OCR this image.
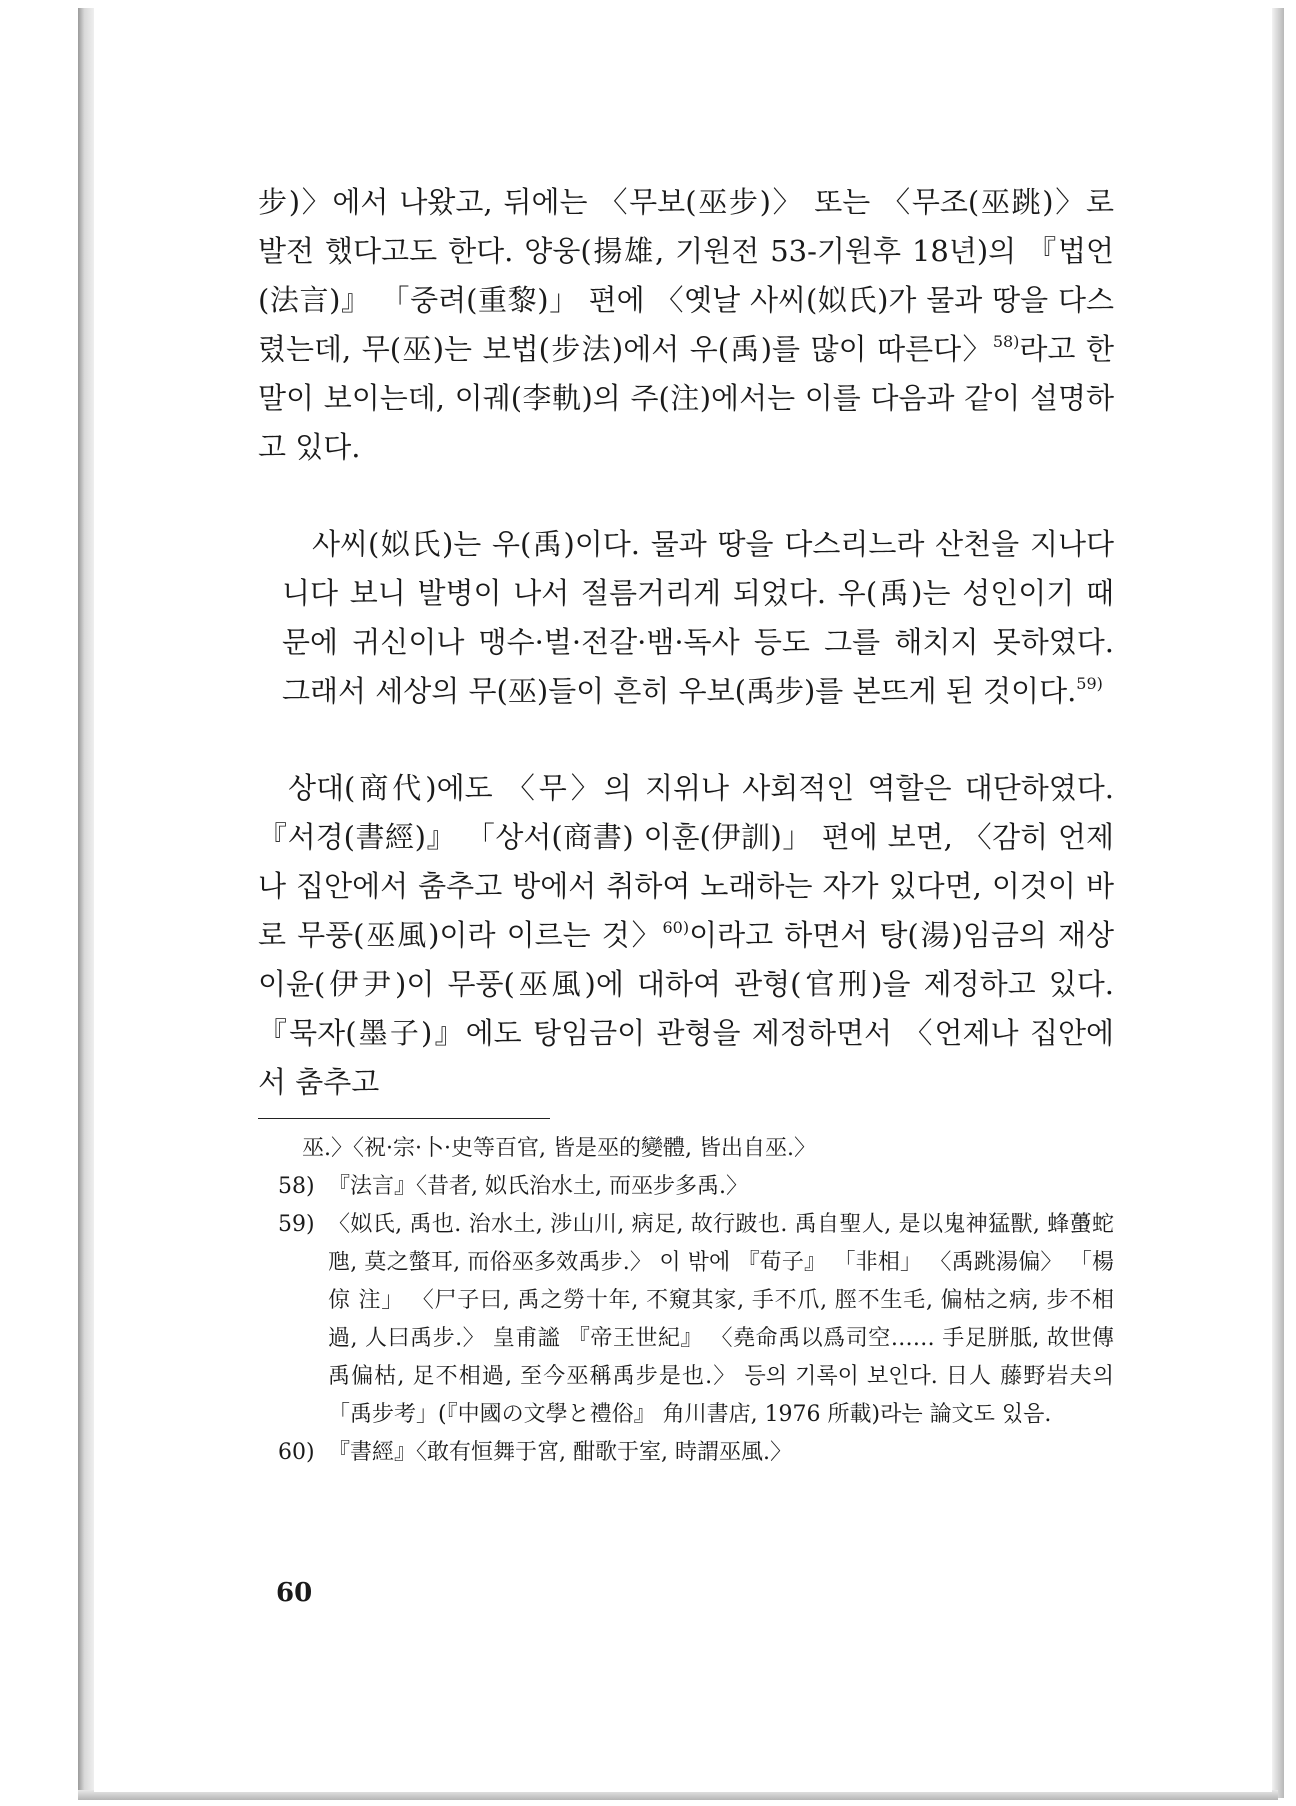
步)〉에서 나왔고, 뒤에는 〈무보(巫步)〉 또는 〈무조(巫跳)〉로 발전 했다고도 한다. 양웅(揚雄, 기원전 53-기원후 18년)의 『법언(法言)』 「중려(重黎)」 편에 〈옛날 사씨(姒氏)가 물과 땅을 다스렸는데, 무(巫)는 보법(步法)에서 우(禹)를 많이 따른다〉$^{58)}$라고 한 말이 보이는데, 이궤(李軌)의 주(注)에서는 이를 다음과 같이 설명하고 있다.
사씨(姒氏)는 우(禹)이다. 물과 땅을 다스리느라 산천을 지나다니다 보니 발병이 나서 절름거리게 되었다. 우(禹)는 성인이기 때문에 귀신이나 맹수·벌·전갈·뱀·독사 등도 그를 해치지 못하였다. 그래서 세상의 무(巫)들이 흔히 우보(禹步)를 본뜨게 된 것이다.$^{59)}$
상대(商代)에도 〈무〉의 지위나 사회적인 역할은 대단하였다. 『서경(書經)』 「상서(商書) 이훈(伊訓)」 편에 보면, 〈감히 언제나 집안에서 춤추고 방에서 취하여 노래하는 자가 있다면, 이것이 바로 무풍(巫風)이라 이르는 것〉$^{60)}$이라고 하면서 탕(湯)임금의 재상 이윤(伊尹)이 무풍(巫風)에 대하여 관형(官刑)을 제정하고 있다. 『묵자(墨子)』에도 탕임금이 관형을 제정하면서 〈언제나 집안에서 춤추고
巫.〉〈祝·宗·卜·史等百官, 皆是巫的變體, 皆出自巫.〉
58) 『法言』〈昔者, 姒氏治水土, 而巫步多禹.〉
59) 〈姒氏, 禹也. 治水土, 涉山川, 病足, 故行跛也. 禹自聖人, 是以鬼神猛獸, 蜂蠆蛇虺, 莫之螫耳, 而俗巫多效禹步.〉 이 밖에 『荀子』 「非相」 〈禹跳湯偏〉 「楊倞 注」 〈尸子曰, 禹之勞十年, 不窺其家, 手不爪, 脛不生毛, 偏枯之病, 步不相過, 人曰禹步.〉 皇甫謐 『帝王世紀』 〈堯命禹以爲司空…… 手足胼胝, 故世傳禹偏枯, 足不相過, 至今巫稱禹步是也.〉 등의 기록이 보인다. 日人 藤野岩夫의 「禹步考」(『中國の文學と禮俗』 角川書店, 1976 所載)라는 論文도 있음.
60) 『書經』〈敢有恒舞于宮, 酣歌于室, 時謂巫風.〉
60
